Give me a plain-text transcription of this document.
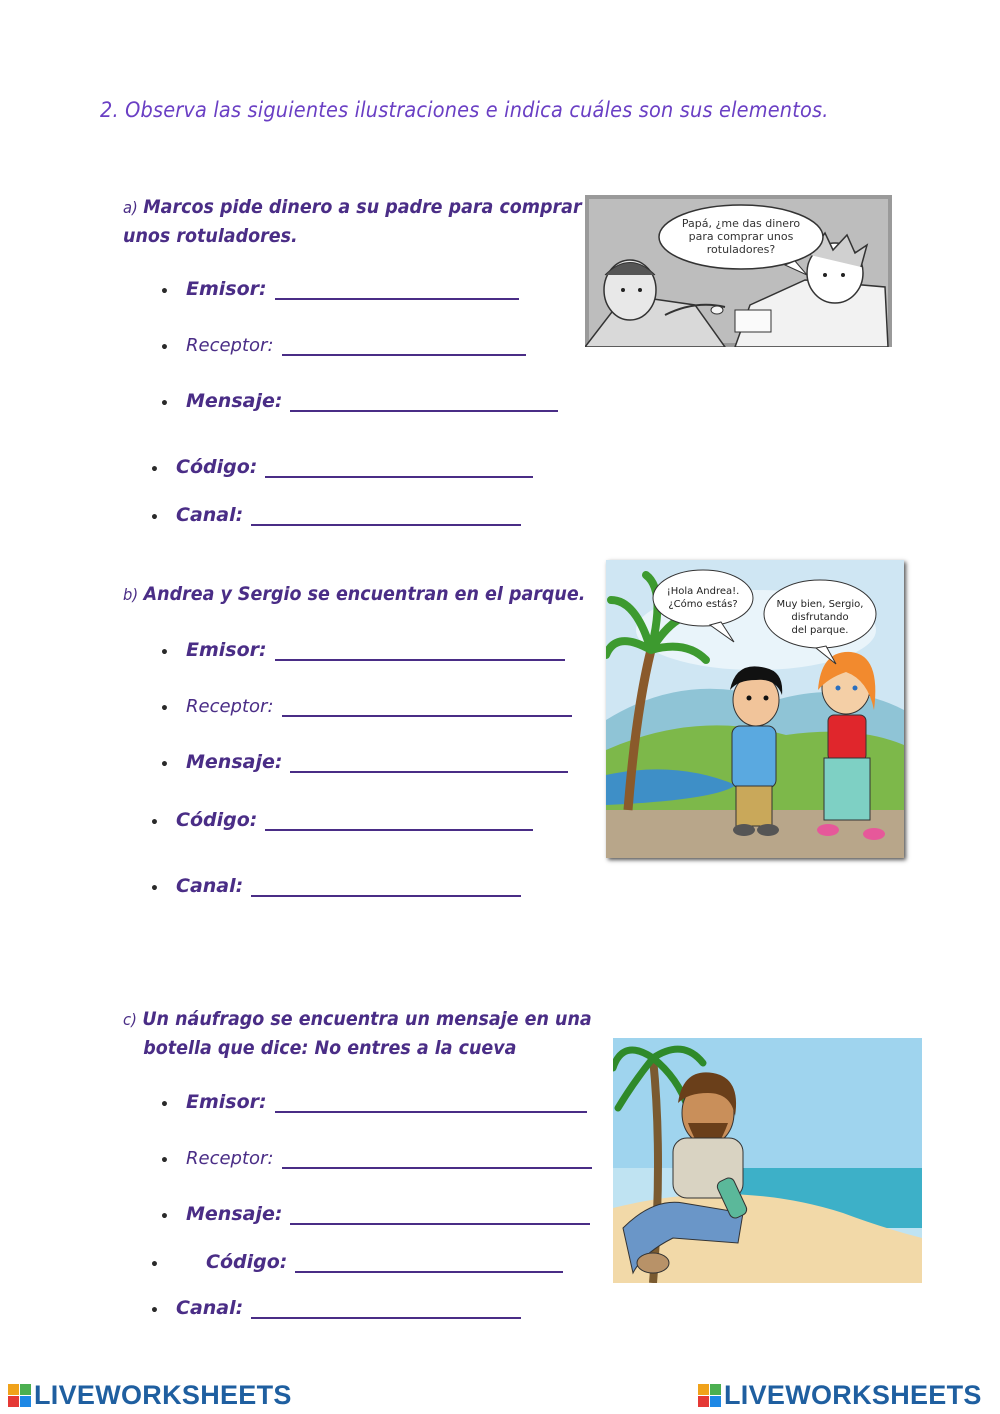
2. Observa las siguientes ilustraciones e indica cuáles son sus elementos.
a) Marcos pide dinero a su padre para comprar
unos rotuladores.
• Emisor:
• Receptor:
• Mensaje:
• Código:
• Canal:
Papá, ¿me das dinero
para comprar unos
rotuladores?
b) Andrea y Sergio se encuentran en el parque.
• Emisor:
• Receptor:
• Mensaje:
• Código:
• Canal:
¡Hola Andrea!.
¿Cómo estás?	Muy bien, Sergio,
disfrutando
del parque.
c) Un náufrago se encuentra un mensaje en una
botella que dice: No entres a la cueva
• Emisor:
• Receptor:
• Mensaje:
•	Código:
• Canal:
LIVEWORKSHEETS	LIVEWORKSHEETS
